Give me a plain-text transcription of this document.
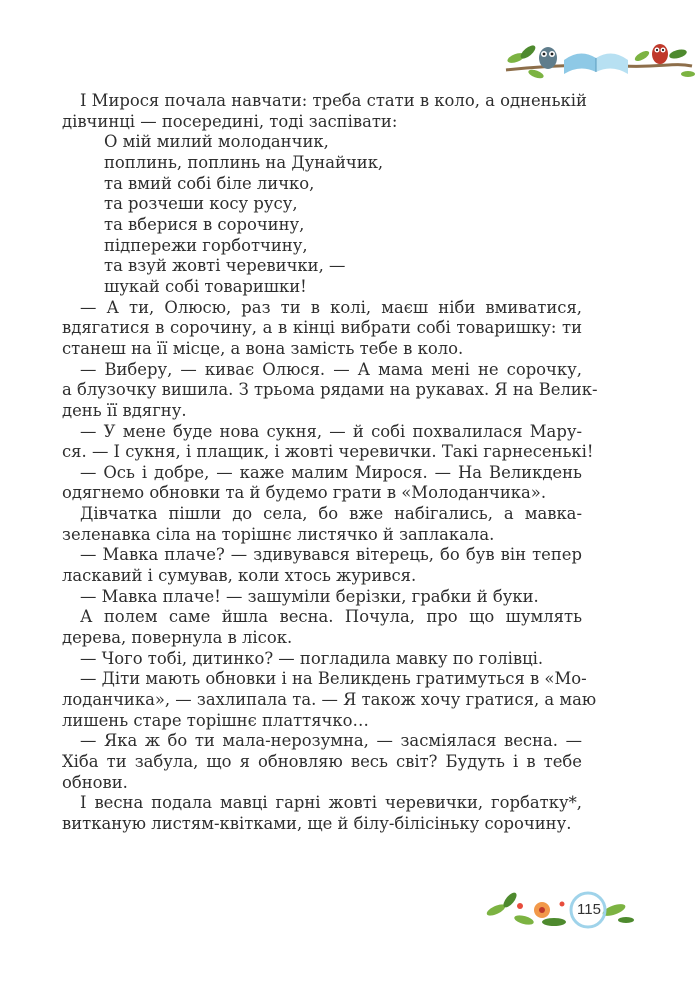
І Мирося почала навчати: треба стати в коло, а одненькій
дівчинці — посередині, тоді заспівати:
О мій милий молоданчик,
поплинь, поплинь на Дунайчик,
та вмий собі біле личко,
та розчеши косу русу,
та вберися в сорочину,
підпережи горботчину,
та взуй жовті черевички, —
шукай собі товаришки!
— А ти, Олюсю, раз ти в колі, маєш ніби вмиватися,
вдягатися в сорочину, а в кінці вибрати собі товаришку: ти
станеш на її місце, а вона замість тебе в коло.
— Виберу, — киває Олюся. — А мама мені не сорочку,
а блузочку вишила. З трьома рядами на рукавах. Я на Велик-
день її вдягну.
— У мене буде нова сукня, — й собі похвалилася Мару-
ся. — І сукня, і плащик, і жовті черевички. Такі гарнесенькі!
— Ось і добре, — каже малим Мирося. — На Великдень
одягнемо обновки та й будемо грати в «Молоданчика».
Дівчатка пішли до села, бо вже набігались, а мавка-
зеленавка сіла на торішнє листячко й заплакала.
— Мавка плаче? — здивувався вітерець, бо був він тепер
ласкавий і сумував, коли хтось журився.
— Мавка плаче! — зашуміли берізки, грабки й буки.
А полем саме йшла весна. Почула, про що шумлять
дерева, повернула в лісок.
— Чого тобі, дитинко? — погладила мавку по голівці.
— Діти мають обновки і на Великдень гратимуться в «Мо-
лоданчика», — захлипала та. — Я також хочу гратися, а маю
лишень старе торішнє платтячко…
— Яка ж бо ти мала-нерозумна, — засміялася весна. —
Хіба ти забула, що я обновляю весь світ? Будуть і в тебе
обнови.
І весна подала мавці гарні жовті черевички, горбатку*,
витканую листям-квітками, ще й білу-білісіньку сорочину.
115
